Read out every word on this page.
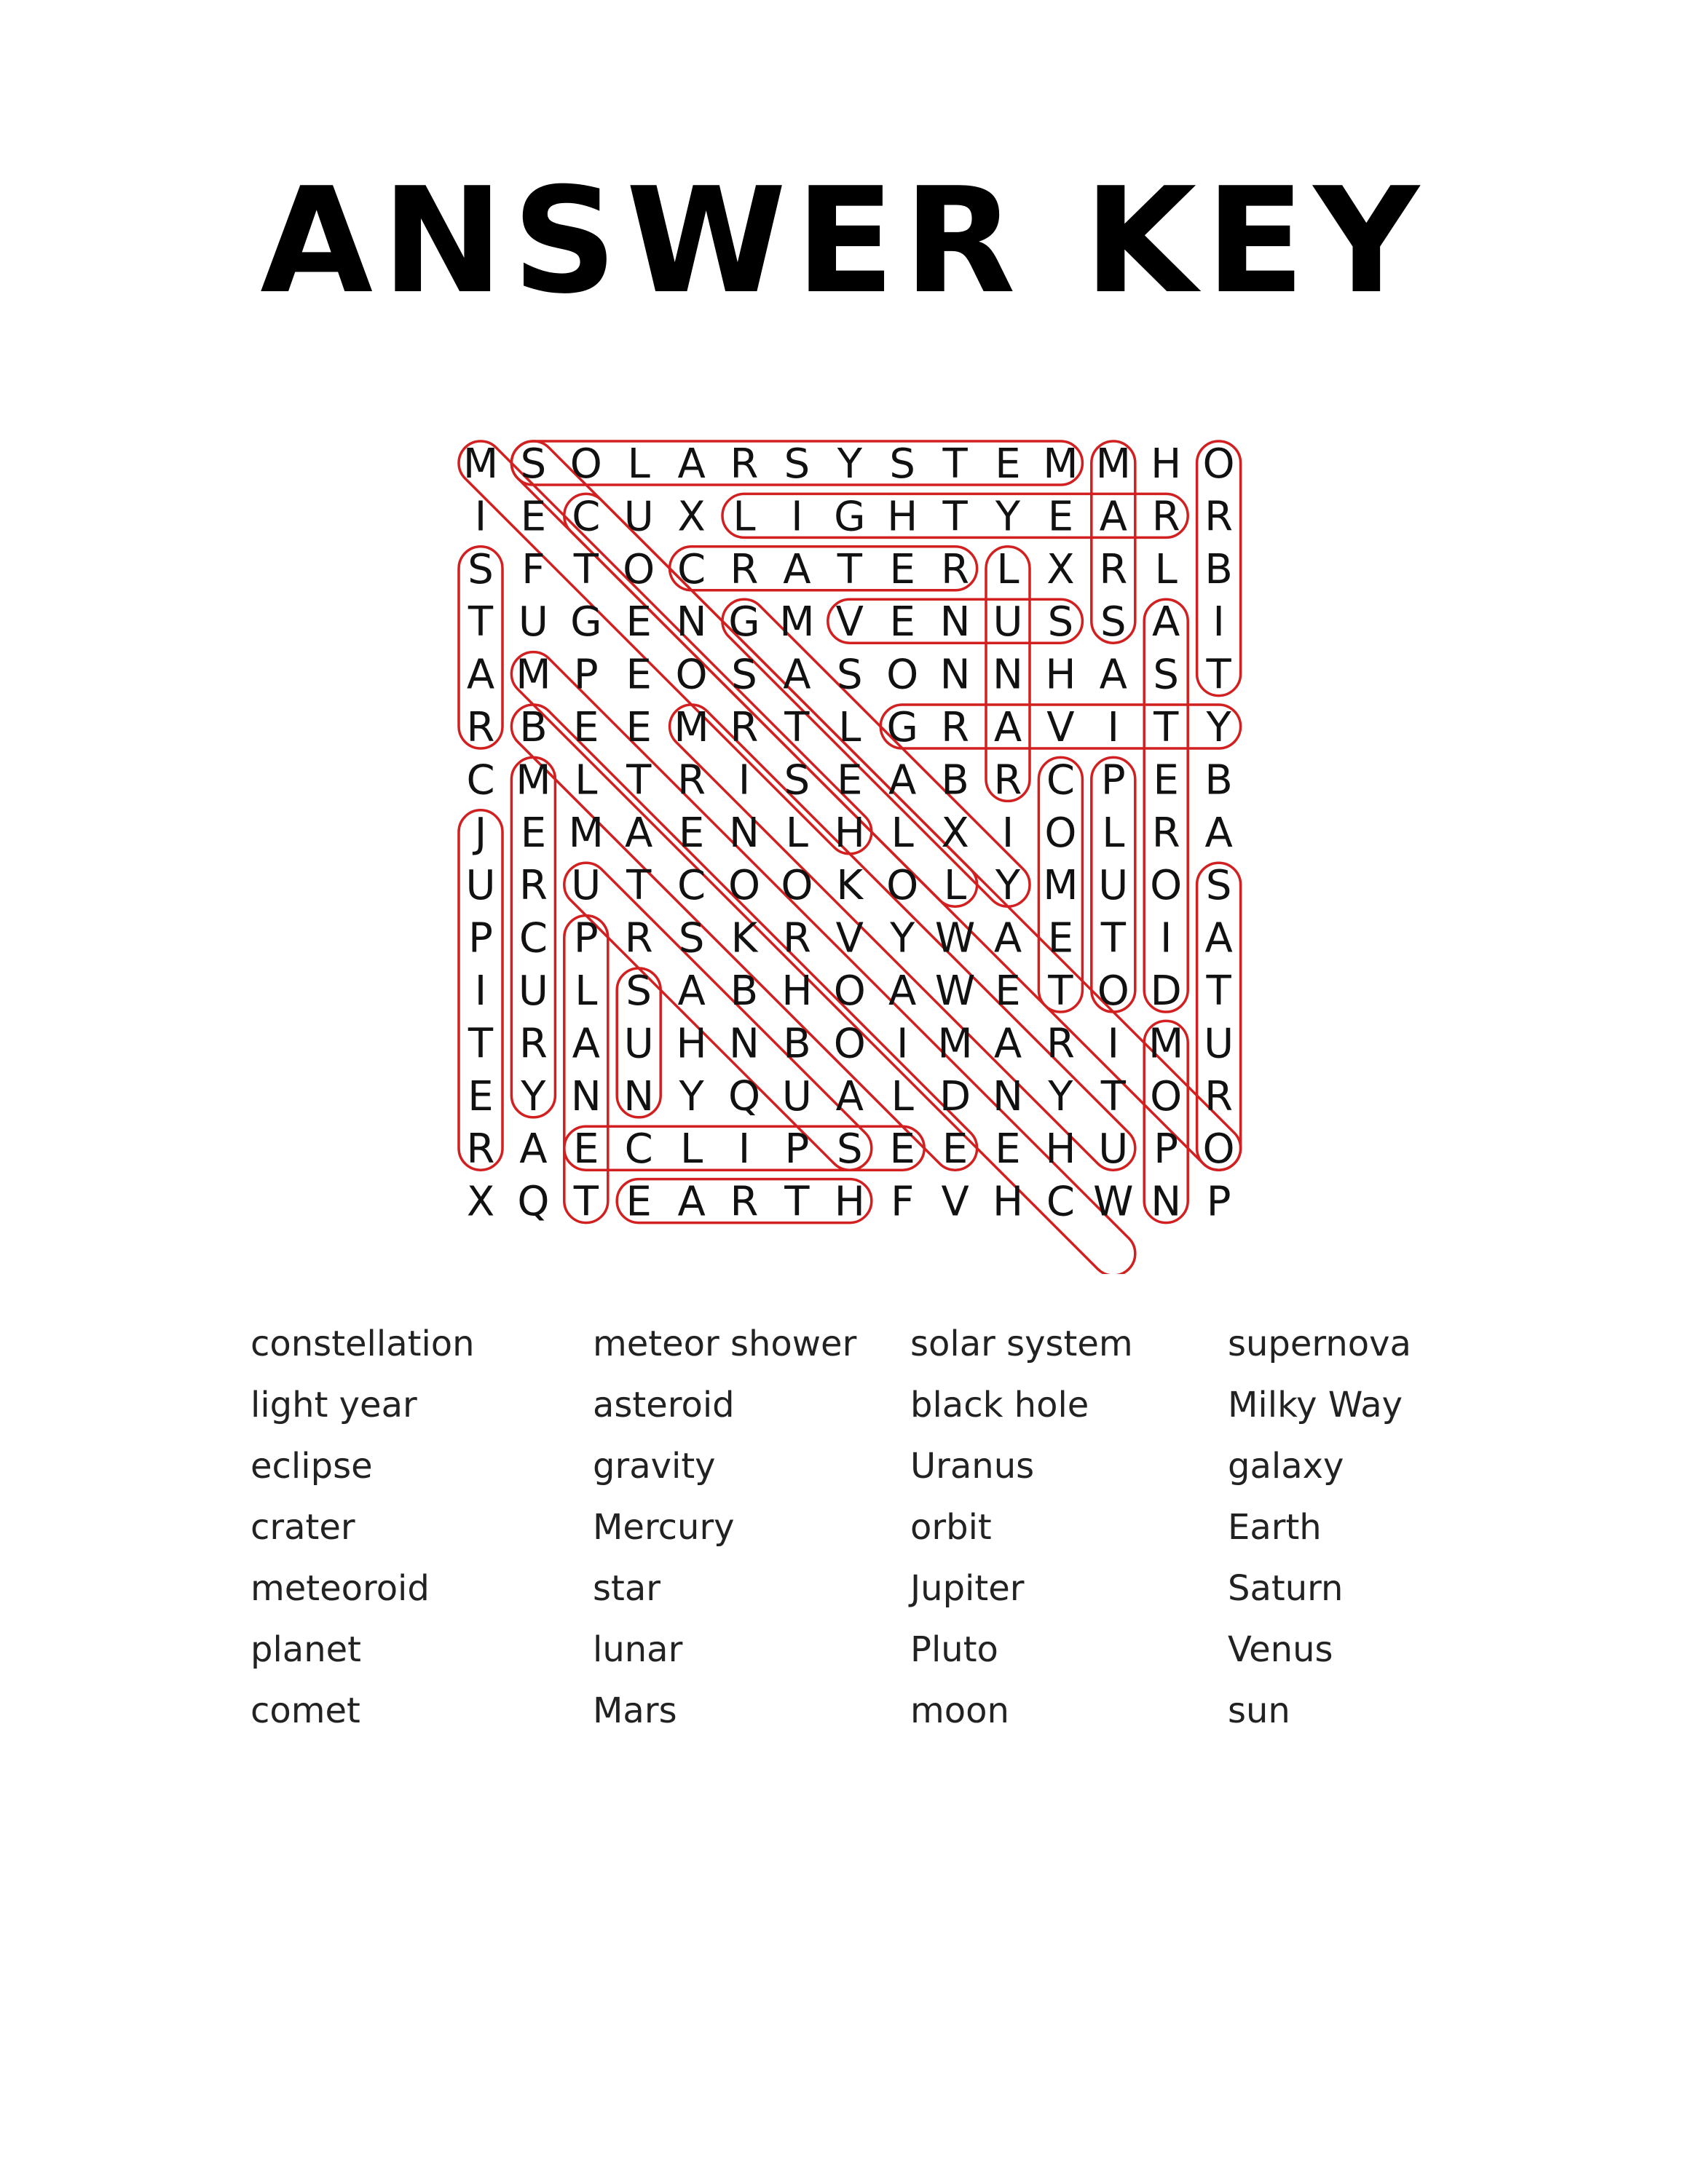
ANSWER KEY
M S O L A R S Y S T E M M H O
I E C U X L I G H T Y E A R R
S F T O C R A T E R L X R L B
T U G E N G M V E N U S S A I
A M P E O S A S O N N H A S T
R B E E M R T L G R A V I T Y
C M L T R I S E A B R C P E B
J E M A E N L H L X I O L R A
U R U T C O O K O L Y M U O S
P C P R S K R V Y W A E T I A
I U L S A B H O A W E T O D T
T R A U H N B O I M A R I M U
E Y N N Y Q U A L D N Y T O R
R A E C L I P S E E E H U P O
X Q T E A R T H F V H C W N P
constellation
light year
eclipse
crater
meteoroid
planet
comet
meteor shower
asteroid
gravity
Mercury
star
lunar
Mars
solar system
black hole
Uranus
orbit
Jupiter
Pluto
moon
supernova
Milky Way
galaxy
Earth
Saturn
Venus
sun
